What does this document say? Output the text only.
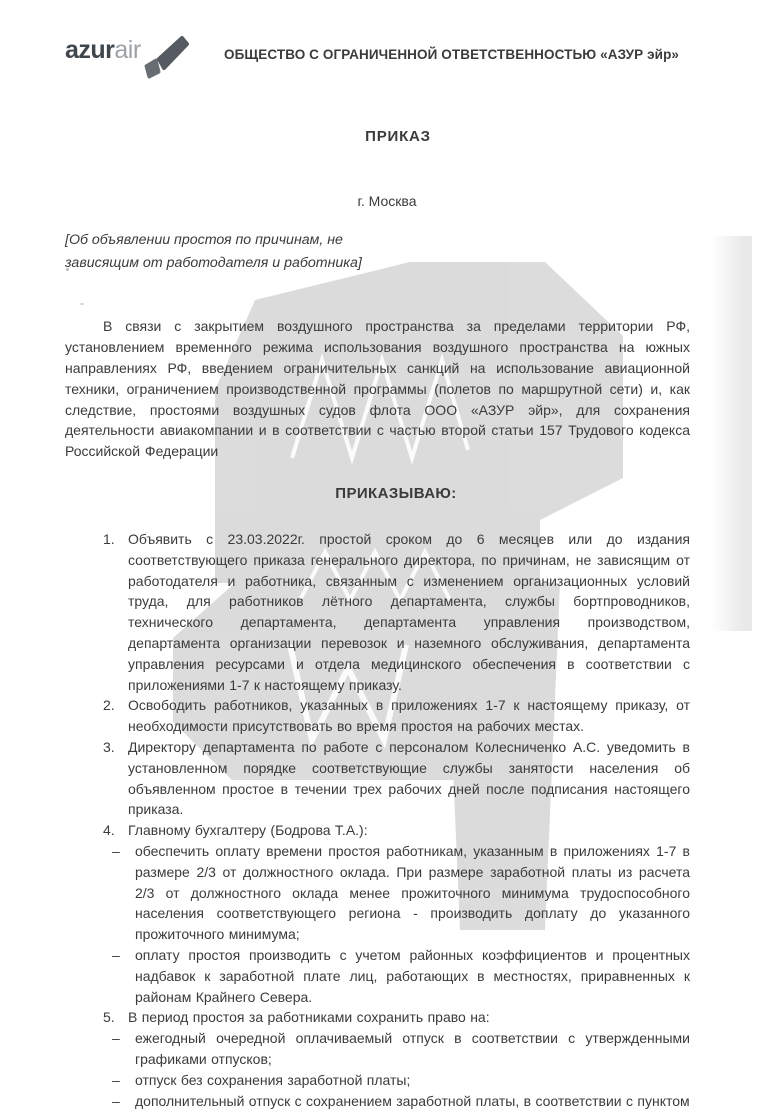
azurair	ОБЩЕСТВО С ОГРАНИЧЕННОЙ ОТВЕТСТВЕННОСТЬЮ «АЗУР эйр»
ПРИКАЗ
г. Москва
[Об объявлении простоя по причинам, не зависящим от работодателя и работника]

В связи с закрытием воздушного пространства за пределами территории РФ, установлением временного режима использования воздушного пространства на южных направлениях РФ, введением ограничительных санкций на использование авиационной техники, ограничением производственной программы (полетов по маршрутной сети) и, как следствие, простоями воздушных судов флота ООО «АЗУР эйр», для сохранения деятельности авиакомпании и в соответствии с частью второй статьи 157 Трудового кодекса Российской Федерации

ПРИКАЗЫВАЮ:
1. Объявить с 23.03.2022г. простой сроком до 6 месяцев или до издания соответствующего приказа генерального директора, по причинам, не зависящим от работодателя и работника, связанным с изменением организационных условий труда, для работников лётного департамента, службы бортпроводников, технического департамента, департамента управления производством, департамента организации перевозок и наземного обслуживания, департамента управления ресурсами и отдела медицинского обеспечения в соответствии с приложениями 1-7 к настоящему приказу.
2. Освободить работников, указанных в приложениях 1-7 к настоящему приказу, от необходимости присутствовать во время простоя на рабочих местах.
3. Директору департамента по работе с персоналом Колесниченко А.С. уведомить в установленном порядке соответствующие службы занятости населения об объявленном простое в течении трех рабочих дней после подписания настоящего приказа.
4. Главному бухгалтеру (Бодрова Т.А.):
–	обеспечить оплату времени простоя работникам, указанным в приложениях 1-7 в размере 2/3 от должностного оклада. При размере заработной платы из расчета 2/3 от должностного оклада менее прожиточного минимума трудоспособного населения соответствующего региона - производить доплату до указанного прожиточного минимума;
–	оплату простоя производить с учетом районных коэффициентов и процентных надбавок к заработной плате лиц, работающих в местностях, приравненных к районам Крайнего Севера.
5. В период простоя за работниками сохранить право на:
–	ежегодный очередной оплачиваемый отпуск в соответствии с утвержденными графиками отпусков;
–	отпуск без сохранения заработной платы;
–	дополнительный отпуск с сохранением заработной платы, в соответствии с пунктом
